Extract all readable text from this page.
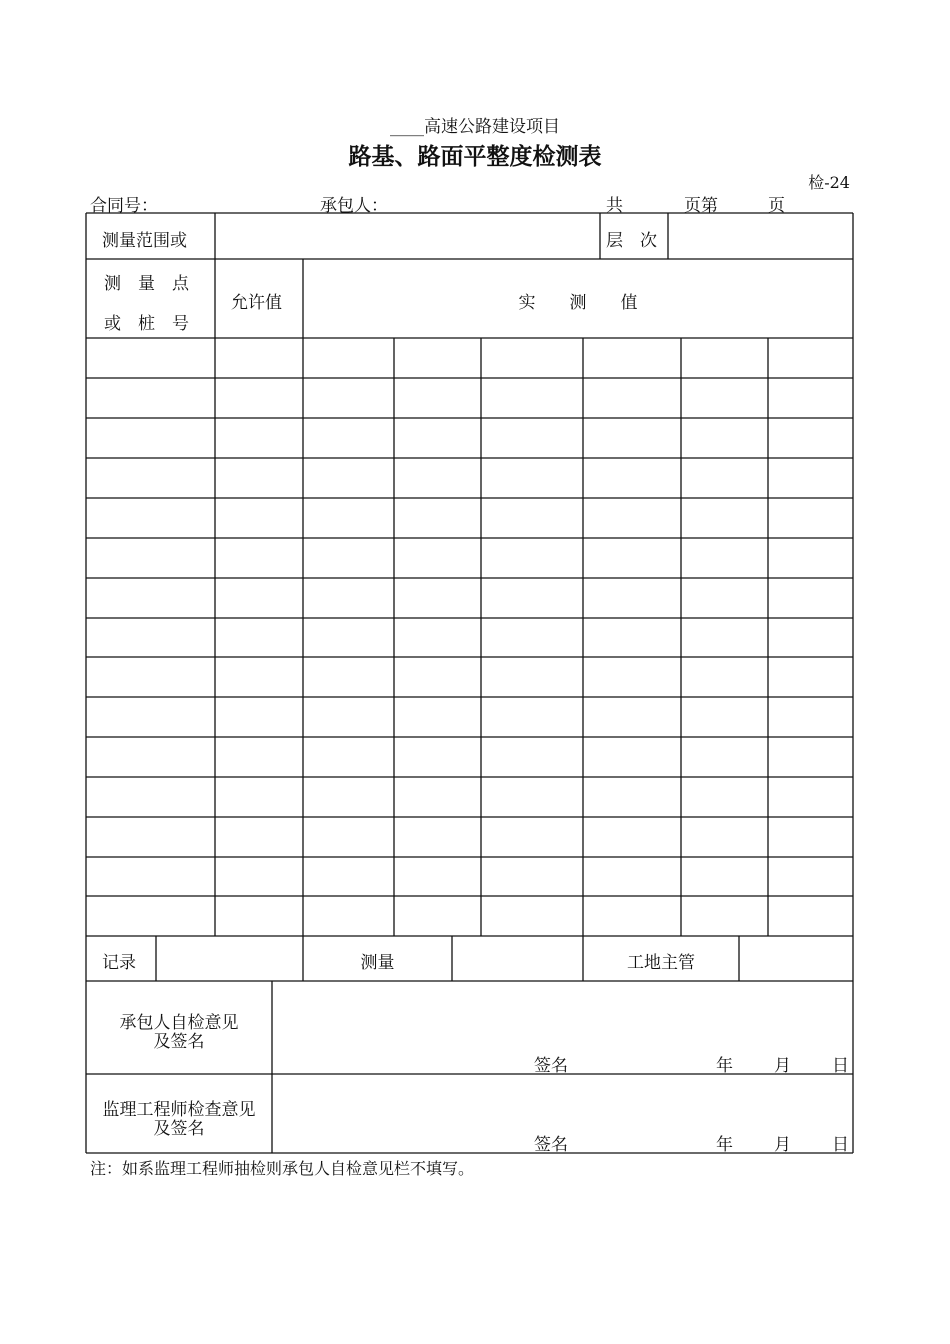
____高速公路建设项目
路基、路面平整度检测表
检-24
合同号：	承包人：	共	页第	页
测量范围或	层　次
测　量　点
或　桩　号
允许值	实　　测　　值
记录	测量	工地主管
承包人自检意见
及签名
签名	年 月 日
监理工程师检查意见
及签名
签名	年 月 日
注：如系监理工程师抽检则承包人自检意见栏不填写。
